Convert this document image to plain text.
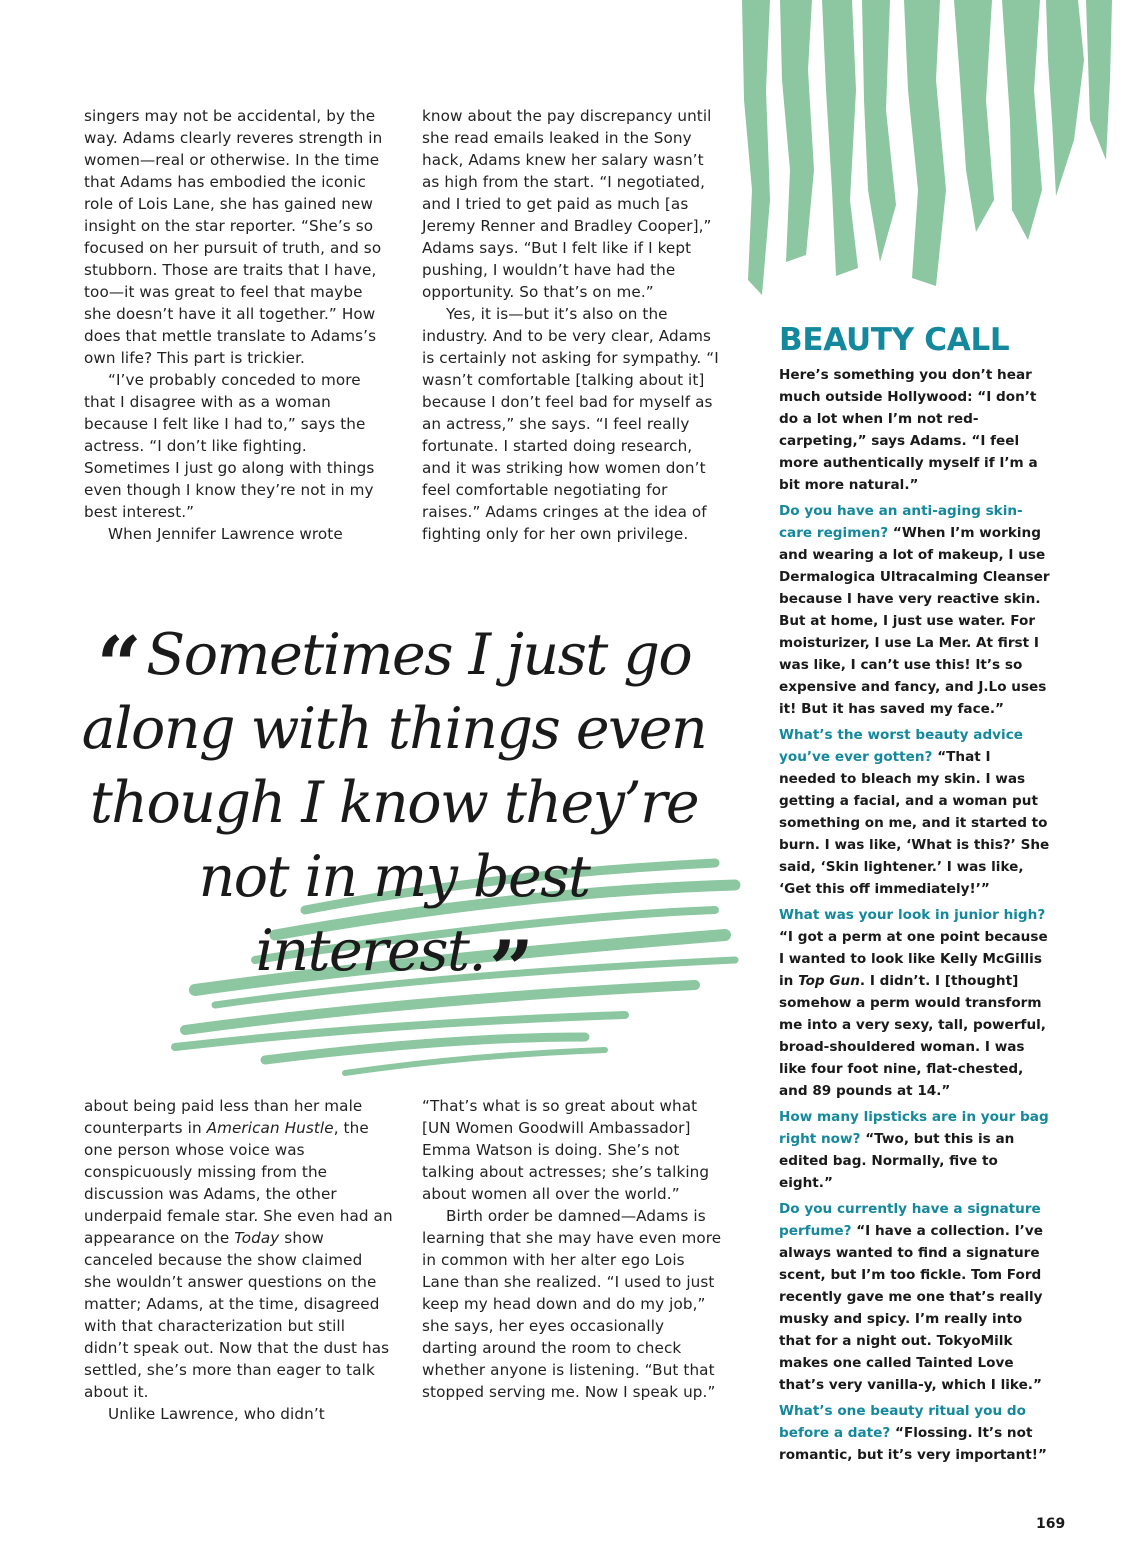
singers may not be accidental, by the way. Adams clearly reveres strength in women—real or otherwise. In the time that Adams has embodied the iconic role of Lois Lane, she has gained new insight on the star reporter. “She’s so focused on her pursuit of truth, and so stubborn. Those are traits that I have, too—it was great to feel that maybe she doesn’t have it all together.” How does that mettle translate to Adams’s own life? This part is trickier.

“I’ve probably conceded to more that I disagree with as a woman because I felt like I had to,” says the actress. “I don’t like fighting. Sometimes I just go along with things even though I know they’re not in my best interest.”

When Jennifer Lawrence wrote

know about the pay discrepancy until she read emails leaked in the Sony hack, Adams knew her salary wasn’t as high from the start. “I negotiated, and I tried to get paid as much [as Jeremy Renner and Bradley Cooper],” Adams says. “But I felt like if I kept pushing, I wouldn’t have had the opportunity. So that’s on me.”

Yes, it is—but it’s also on the industry. And to be very clear, Adams is certainly not asking for sympathy. “I wasn’t comfortable [talking about it] because I don’t feel bad for myself as an actress,” she says. “I feel really fortunate. I started doing research, and it was striking how women don’t feel comfortable negotiating for raises.” Adams cringes at the idea of fighting only for her own privilege.

“ Sometimes I just go along with things even though I know they’re not in my best interest.”

about being paid less than her male counterparts in American Hustle, the one person whose voice was conspicuously missing from the discussion was Adams, the other underpaid female star. She even had an appearance on the Today show canceled because the show claimed she wouldn’t answer questions on the matter; Adams, at the time, disagreed with that characterization but still didn’t speak out. Now that the dust has settled, she’s more than eager to talk about it.

Unlike Lawrence, who didn’t

“That’s what is so great about what [UN Women Goodwill Ambassador] Emma Watson is doing. She’s not talking about actresses; she’s talking about women all over the world.”

Birth order be damned—Adams is learning that she may have even more in common with her alter ego Lois Lane than she realized. “I used to just keep my head down and do my job,” she says, her eyes occasionally darting around the room to check whether anyone is listening. “But that stopped serving me. Now I speak up.”

BEAUTY CALL

Here’s something you don’t hear much outside Hollywood: “I don’t do a lot when I’m not red-carpeting,” says Adams. “I feel more authentically myself if I’m a bit more natural.”

Do you have an anti-aging skin-care regimen? “When I’m working and wearing a lot of makeup, I use Dermalogica Ultracalming Cleanser because I have very reactive skin. But at home, I just use water. For moisturizer, I use La Mer. At first I was like, I can’t use this! It’s so expensive and fancy, and J.Lo uses it! But it has saved my face.”

What’s the worst beauty advice you’ve ever gotten? “That I needed to bleach my skin. I was getting a facial, and a woman put something on me, and it started to burn. I was like, ‘What is this?’ She said, ‘Skin lightener.’ I was like, ‘Get this off immediately!’”

What was your look in junior high? “I got a perm at one point because I wanted to look like Kelly McGillis in Top Gun. I didn’t. I [thought] somehow a perm would transform me into a very sexy, tall, powerful, broad-shouldered woman. I was like four foot nine, flat-chested, and 89 pounds at 14.”

How many lipsticks are in your bag right now? “Two, but this is an edited bag. Normally, five to eight.”

Do you currently have a signature perfume? “I have a collection. I’ve always wanted to find a signature scent, but I’m too fickle. Tom Ford recently gave me one that’s really musky and spicy. I’m really into that for a night out. TokyoMilk makes one called Tainted Love that’s very vanilla-y, which I like.”

What’s one beauty ritual you do before a date? “Flossing. It’s not romantic, but it’s very important!”

169
